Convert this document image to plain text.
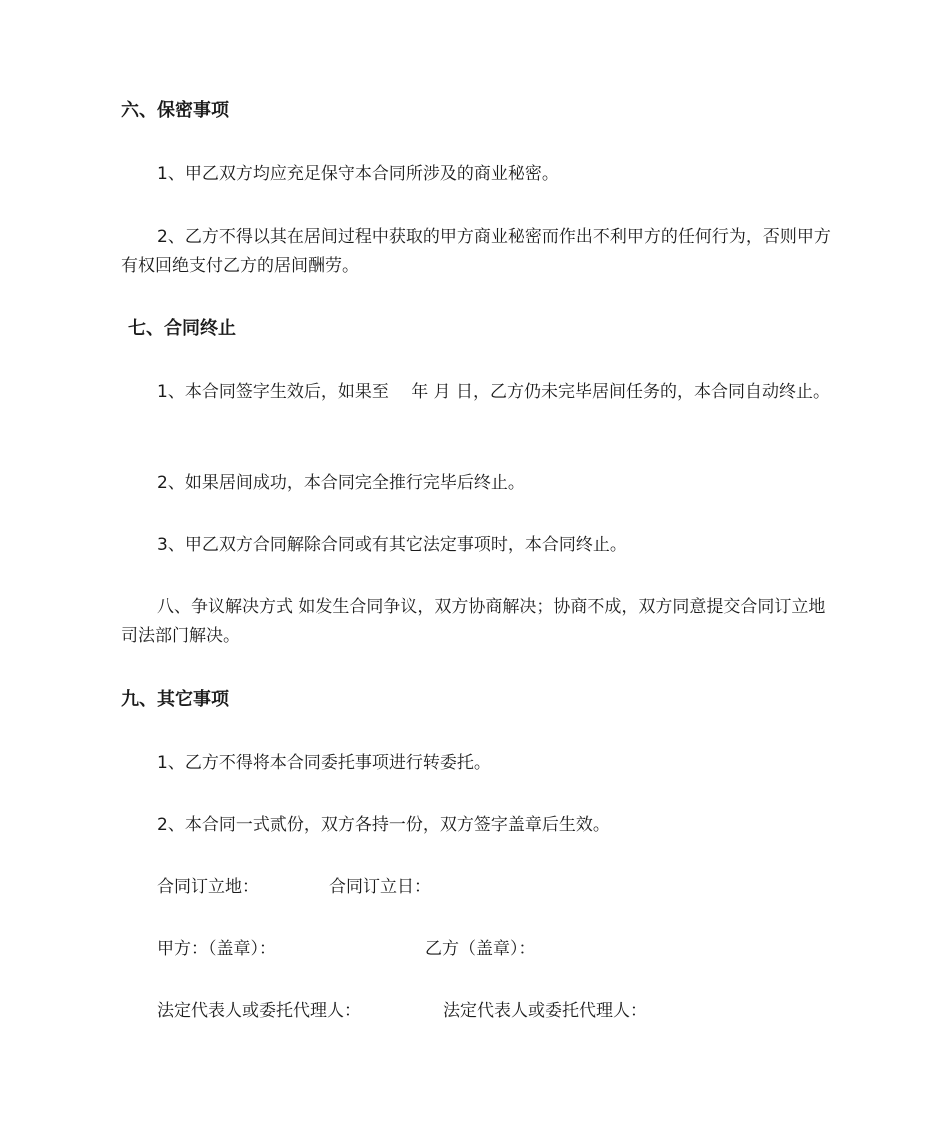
六、保密事项
1、甲乙双方均应充足保守本合同所涉及的商业秘密。
2、乙方不得以其在居间过程中获取的甲方商业秘密而作出不利甲方的任何行为，否则甲方有权回绝支付乙方的居间酬劳。
七、合同终止
1、本合同签字生效后，如果至　 年 月 日，乙方仍未完毕居间任务的，本合同自动终止。
2、如果居间成功，本合同完全推行完毕后终止。
3、甲乙双方合同解除合同或有其它法定事项时，本合同终止。
八、争议解决方式 如发生合同争议，双方协商解决；协商不成，双方同意提交合同订立地司法部门解决。
九、其它事项
1、乙方不得将本合同委托事项进行转委托。
2、本合同一式贰份，双方各持一份，双方签字盖章后生效。
合同订立地：	合同订立日：
甲方：（盖章）：	乙方（盖章）：
法定代表人或委托代理人：	法定代表人或委托代理人：
